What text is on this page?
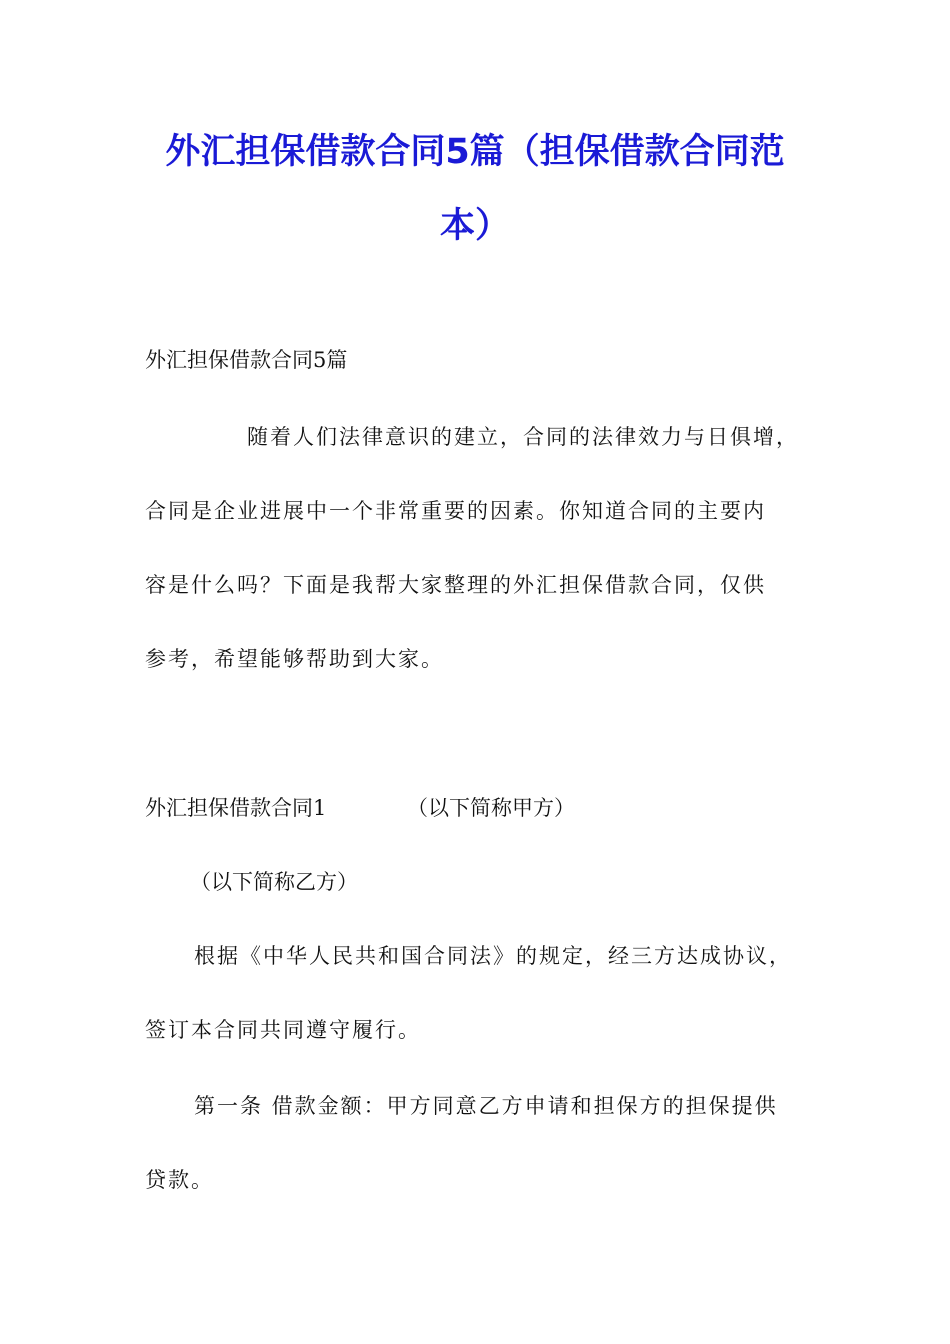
外汇担保借款合同5篇（担保借款合同范
本）

外汇担保借款合同5篇

随着人们法律意识的建立，合同的法律效力与日俱增，

合同是企业进展中一个非常重要的因素。你知道合同的主要内

容是什么吗？下面是我帮大家整理的外汇担保借款合同，仅供

参考，希望能够帮助到大家。

外汇担保借款合同1	（以下简称甲方）

（以下简称乙方）

根据《中华人民共和国合同法》的规定，经三方达成协议，

签订本合同共同遵守履行。

第一条 借款金额：甲方同意乙方申请和担保方的担保提供

贷款。
